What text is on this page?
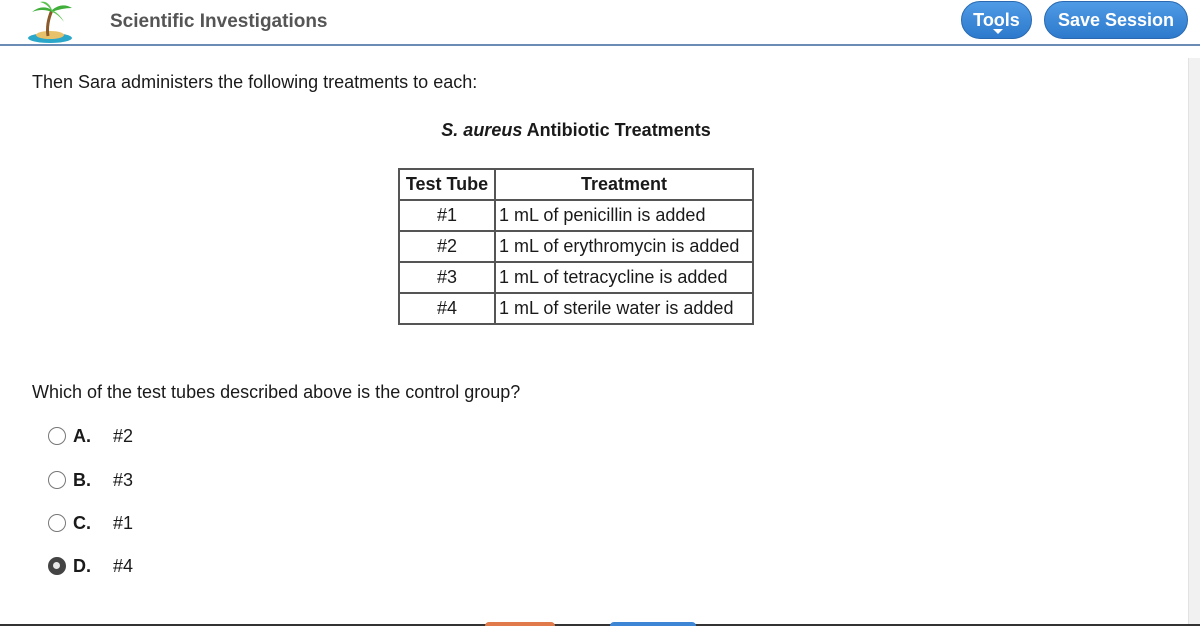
Scientific Investigations	Tools	Save Session
Then Sara administers the following treatments to each:
S. aureus Antibiotic Treatments
Test Tube	Treatment
#1	1 mL of penicillin is added
#2	1 mL of erythromycin is added
#3	1 mL of tetracycline is added
#4	1 mL of sterile water is added
Which of the test tubes described above is the control group?
A. #2
B. #3
C. #1
D. #4
